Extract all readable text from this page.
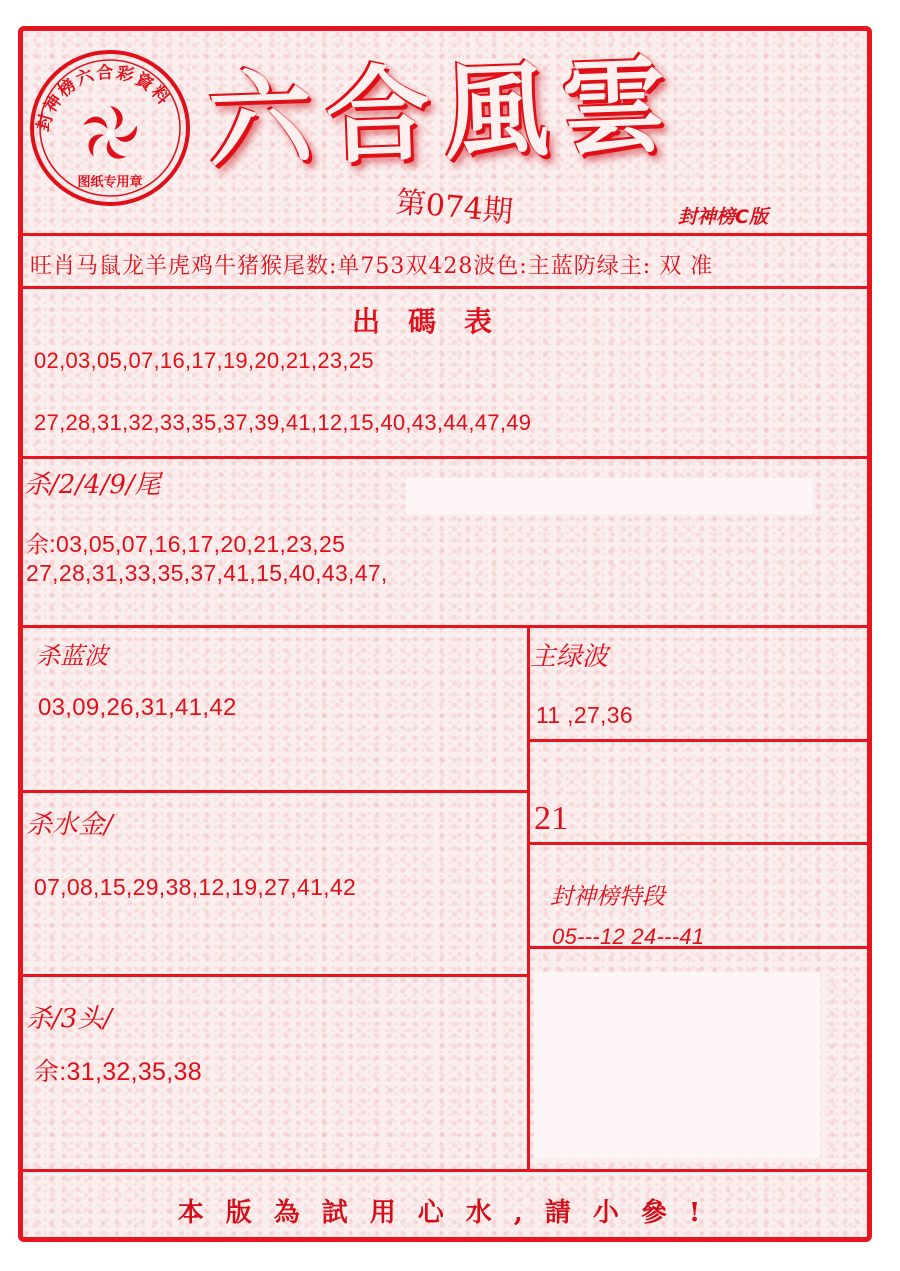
封神榜六合彩資料
图纸专用章
六合風雲
第074期	封神榜C版
旺肖马鼠龙羊虎鸡牛猪猴尾数:单753双428波色:主蓝防绿主: 双 准
出碼表
02,03,05,07,16,17,19,20,21,23,25
27,28,31,32,33,35,37,39,41,12,15,40,43,44,47,49
杀/2/4/9/尾
余:03,05,07,16,17,20,21,23,25
27,28,31,33,35,37,41,15,40,43,47,
杀蓝波
03,09,26,31,41,42
主绿波
11 ,27,36
21
杀水金/
07,08,15,29,38,12,19,27,41,42	封神榜特段
05---12 24---41
杀/3头/
余:31,32,35,38
本版為試用心水,請小參!
